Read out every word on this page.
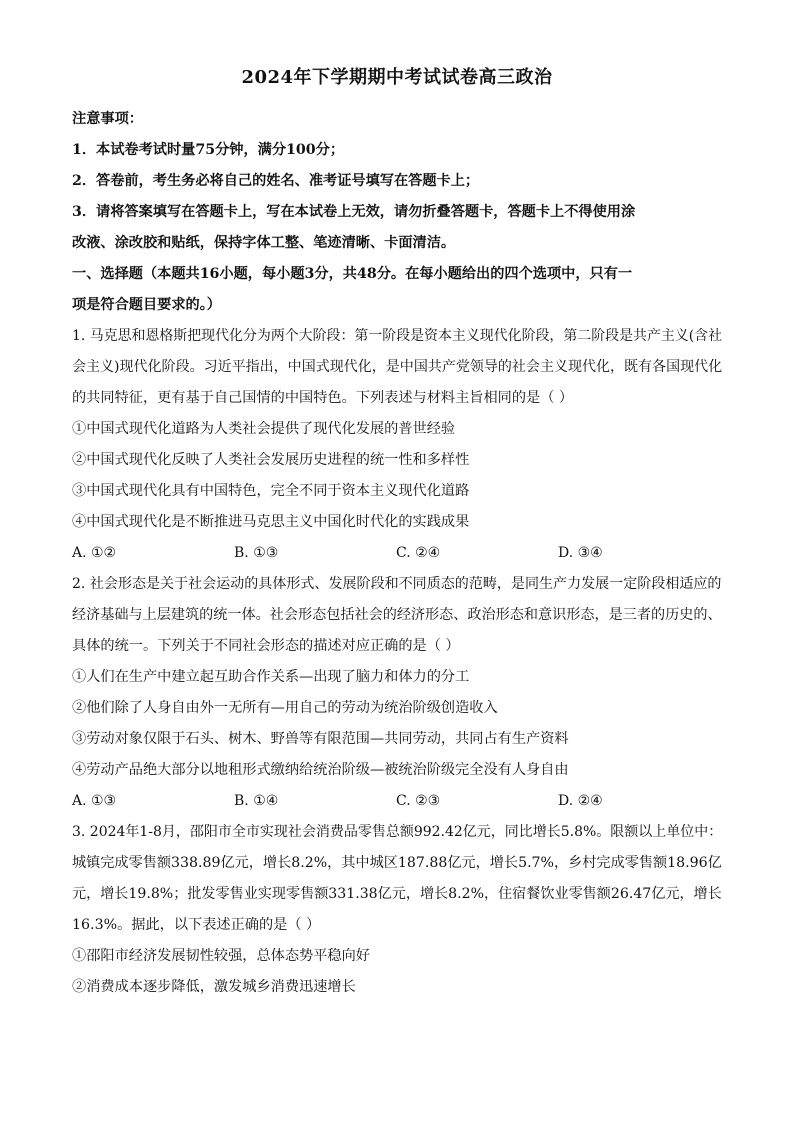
2024年下学期期中考试试卷高三政治
注意事项：
1．本试卷考试时量75分钟，满分100分；
2．答卷前，考生务必将自己的姓名、准考证号填写在答题卡上；
3．请将答案填写在答题卡上，写在本试卷上无效，请勿折叠答题卡，答题卡上不得使用涂
改液、涂改胶和贴纸，保持字体工整、笔迹清晰、卡面清洁。
一、选择题（本题共16小题，每小题3分，共48分。在每小题给出的四个选项中，只有一
项是符合题目要求的。）
1. 马克思和恩格斯把现代化分为两个大阶段：第一阶段是资本主义现代化阶段，第二阶段是共产主义(含社
会主义)现代化阶段。习近平指出，中国式现代化，是中国共产党领导的社会主义现代化，既有各国现代化
的共同特征，更有基于自己国情的中国特色。下列表述与材料主旨相同的是（ ）
①中国式现代化道路为人类社会提供了现代化发展的普世经验
②中国式现代化反映了人类社会发展历史进程的统一性和多样性
③中国式现代化具有中国特色，完全不同于资本主义现代化道路
④中国式现代化是不断推进马克思主义中国化时代化的实践成果
A. ①②	B. ①③	C. ②④	D. ③④
2. 社会形态是关于社会运动的具体形式、发展阶段和不同质态的范畴，是同生产力发展一定阶段相适应的
经济基础与上层建筑的统一体。社会形态包括社会的经济形态、政治形态和意识形态，是三者的历史的、
具体的统一。下列关于不同社会形态的描述对应正确的是（ ）
①人们在生产中建立起互助合作关系—出现了脑力和体力的分工
②他们除了人身自由外一无所有—用自己的劳动为统治阶级创造收入
③劳动对象仅限于石头、树木、野兽等有限范围—共同劳动，共同占有生产资料
④劳动产品绝大部分以地租形式缴纳给统治阶级—被统治阶级完全没有人身自由
A. ①③	B. ①④	C. ②③	D. ②④
3. 2024年1-8月，邵阳市全市实现社会消费品零售总额992.42亿元，同比增长5.8%。限额以上单位中：
城镇完成零售额338.89亿元，增长8.2%，其中城区187.88亿元，增长5.7%，乡村完成零售额18.96亿
元，增长19.8%；批发零售业实现零售额331.38亿元，增长8.2%，住宿餐饮业零售额26.47亿元，增长
16.3%。据此，以下表述正确的是（ ）
①邵阳市经济发展韧性较强，总体态势平稳向好
②消费成本逐步降低，激发城乡消费迅速增长
